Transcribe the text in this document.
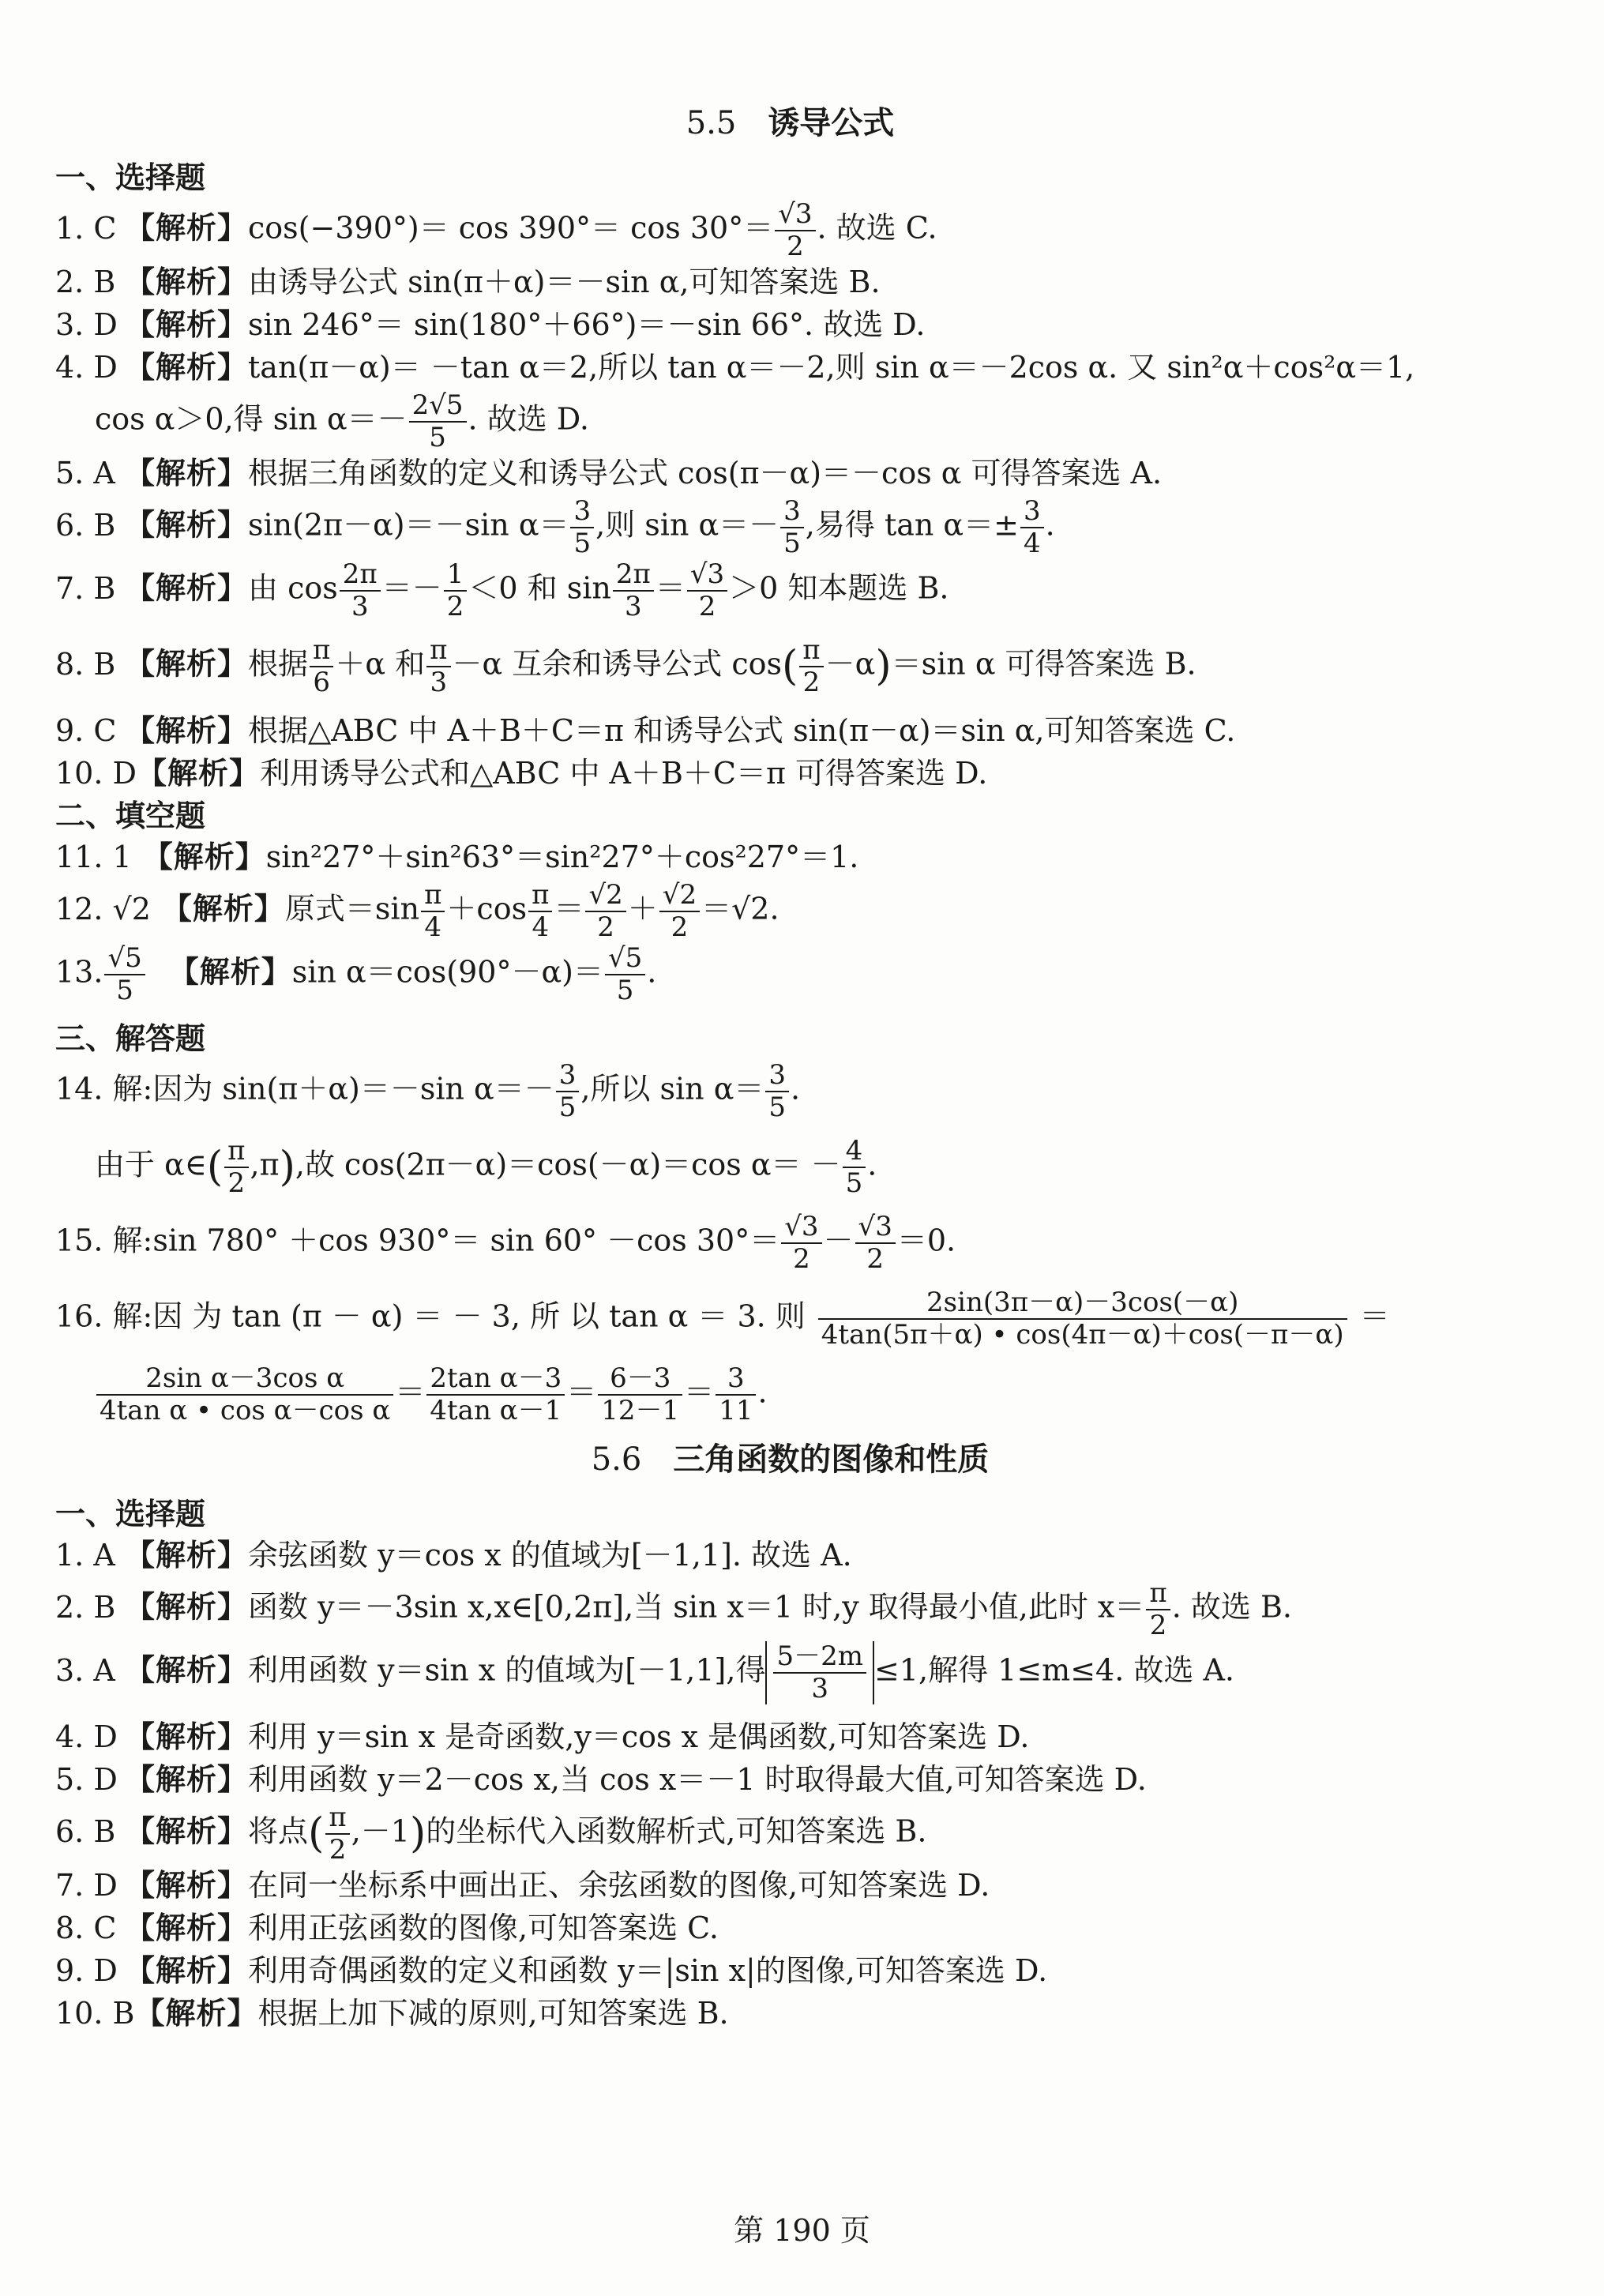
5.5 诱导公式

一、选择题

1. C 【解析】$\cos(-390^\circ)= \cos 390^\circ= \cos 30^\circ= \frac{√3}{2}$ . 故选 C.

2. B 【解析】由诱导公式 sin(π＋α)＝－sin α,可知答案选 B.

3. D 【解析】sin 246°＝ sin(180°＋66°)＝－sin 66°. 故选 D.

4. D 【解析】tan(π－α)＝ －tan α＝2,所以 tan α＝－2,则 sin α＝－2cos α. 又 sin²α＋cos²α＝1,

cos α＞0,得 $\sin \alpha=- \frac{2√5}{5}$ . 故选 D.

5. A 【解析】根据三角函数的定义和诱导公式 cos(π－α)＝－cos α 可得答案选 A.

6. B 【解析】sin(2π－α)＝－sin $\alpha= \frac{3}{5}$ ,则 $\sin \alpha=- \frac{3}{5}$ ,易得 $\tan \alpha=\pm \frac{3}{4}$ .

7. B 【解析】由 $\cos \frac{2\pi}{3} =- \frac{1}{2} <0$ 和 $\sin \frac{2\pi}{3} = \frac{√3}{2} >0$ 知本题选 B.

8. B 【解析】根据 $\frac{\pi}{6} +\alpha$ 和 $\frac{\pi}{3} -\alpha$ 互余和诱导公式 $\cos( \frac{\pi}{2} -\alpha)=\sin$ α 可得答案选 B.

9. C 【解析】根据△ABC 中 A＋B＋C＝π 和诱导公式 sin(π－α)＝sin α,可知答案选 C.

10. D【解析】利用诱导公式和△ABC 中 A＋B＋C＝π 可得答案选 D.

二、填空题

11. 1 【解析】sin²27°＋sin²63°＝sin²27°＋cos²27°＝1.

12. √2 【解析】原式$=\sin \frac{\pi}{4} +\cos \frac{\pi}{4} = \frac{√2}{2} + \frac{√2}{2} =√2$.

13. $\frac{√5}{5}$ 【解析】$\sin \alpha=\cos(90^\circ-\alpha)= \frac{√5}{5}$ .

三、解答题

14. 解:因为 sin(π＋α)＝－sin $\alpha=- \frac{3}{5}$ ,所以 $\sin \alpha= \frac{3}{5}$ .

由于 α∈( $\frac{\pi}{2} ,\pi$),故 cos(2π－α)＝cos(－α)＝cos $\alpha= - \frac{4}{5}$ .

15. 解:sin 780° ＋cos 930°＝ sin 60° －cos $30^\circ= \frac{√3}{2} - \frac{√3}{2} =0$.

16. 解:因 为 tan (π － α) ＝ － 3, 所 以 tan α ＝ 3. 则 $\frac{2\sin(3\pi-\alpha)-3\cos(-\alpha)}{4\tan(5\pi+\alpha) • \cos(4\pi-\alpha)+\cos(-\pi-\alpha)}$ ＝

$\frac{\text{2sin α－3cos α}}{\text{4tan α • cos α－cos α}} = \frac{\text{2tan α－3}}{\text{4tan α－1}} = \frac{6-3}{12-1} = \frac{3}{11}$ .

5.6 三角函数的图像和性质

一、选择题

1. A 【解析】余弦函数 y＝cos x 的值域为[－1,1]. 故选 A.

2. B 【解析】函数 y＝－3sin x,x∈[0,2π],当 sin x＝1 时,y 取得最小值,此时 $x= \frac{\pi}{2}$ . 故选 B.

3. A 【解析】利用函数 y＝sin x 的值域为[－1,1],得 $\frac{5-2m}{3} \le 1$,解得 1≤m≤4. 故选 A.

4. D 【解析】利用 y＝sin x 是奇函数,y＝cos x 是偶函数,可知答案选 D.

5. D 【解析】利用函数 y＝2－cos x,当 cos x＝－1 时取得最大值,可知答案选 D.

6. B 【解析】将点( $\frac{\pi}{2} ,-1$)的坐标代入函数解析式,可知答案选 B.

7. D 【解析】在同一坐标系中画出正、余弦函数的图像,可知答案选 D.

8. C 【解析】利用正弦函数的图像,可知答案选 C.

9. D 【解析】利用奇偶函数的定义和函数 y＝|sin x|的图像,可知答案选 D.

10. B【解析】根据上加下减的原则,可知答案选 B.

第 190 页
